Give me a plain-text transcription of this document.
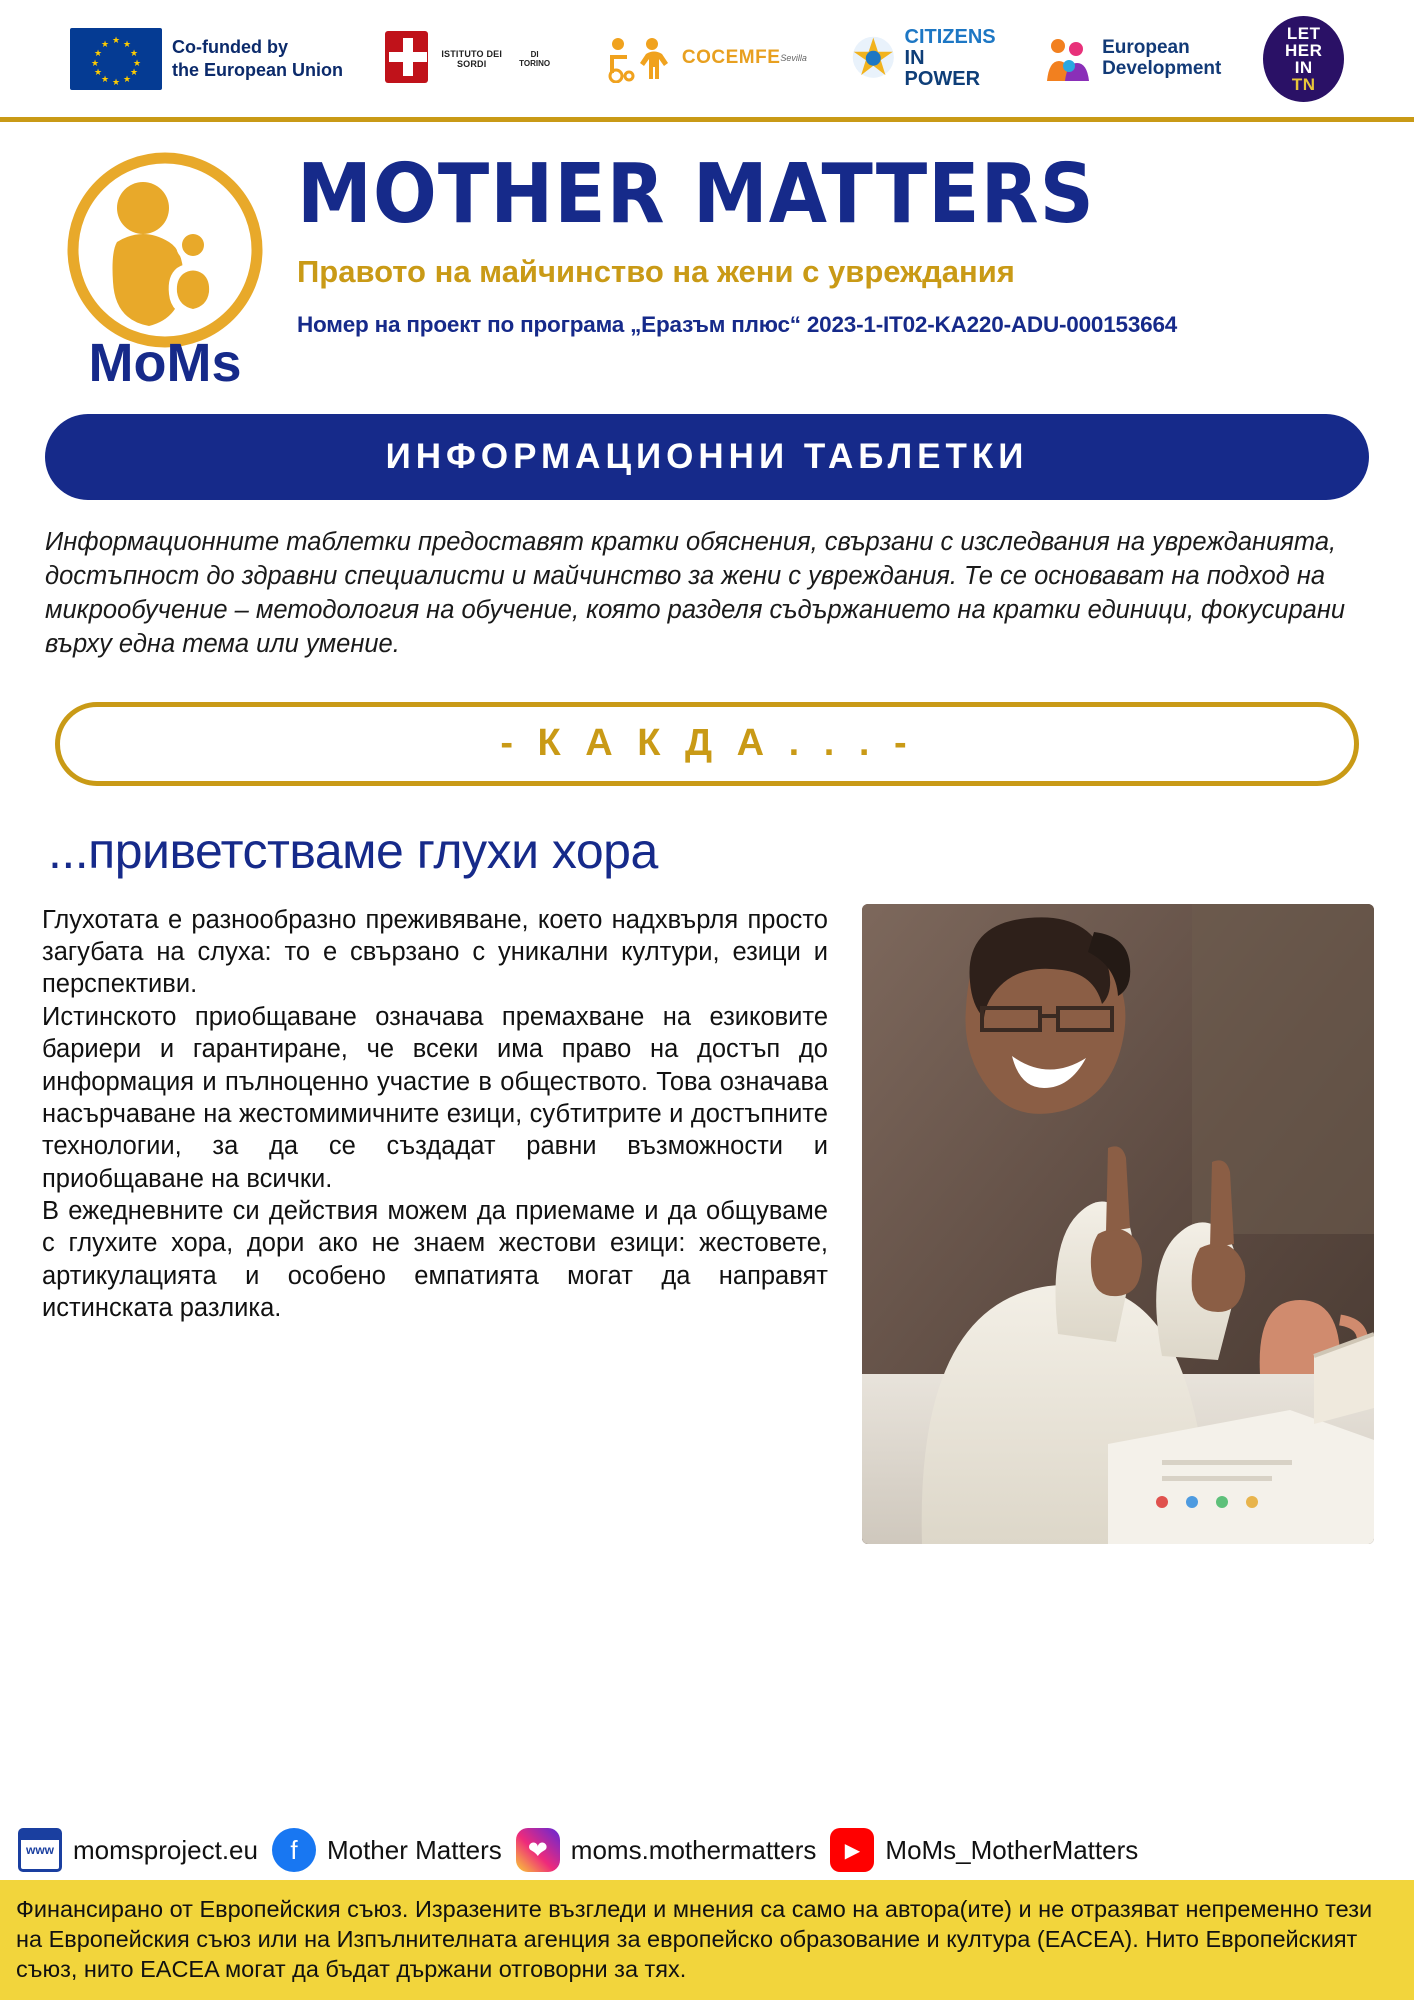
★ ★
★
★
★
★
★
★
★
★
★
★	Co-funded by
the European Union
ISTITUTO DEI SORDI
DI TORINO	COCEMFE Sevilla
CITIZENS
IN POWER
European
Development
LET
HER
IN
TN
MoMs
MOTHER MATTERS
Правото на майчинство на жени с увреждания
Номер на проект по програма „Еразъм плюс“ 2023-1-IT02-KA220-ADU-000153664
ИНФОРМАЦИОННИ ТАБЛЕТКИ
Информационните таблетки предоставят кратки обяснения, свързани с изследвания на уврежданията, достъпност до здравни специалисти и майчинство за жени с увреждания. Те се основават на подход на микрообучение – методология на обучение, която разделя съдържанието на кратки единици, фокусирани върху една тема или умение.
- К А К Д А . . . -
...приветстваме глухи хора

Глухотата е разнообразно преживяване, което надхвърля просто загубата на слуха: то е свързано с уникални култури, езици и перспективи.

Истинското приобщаване означава премахване на езиковите бариери и гарантиране, че всеки има право на достъп до информация и пълноценно участие в обществото. Това означава насърчаване на жестомимичните езици, субтитрите и достъпните технологии, за да се създадат равни възможности и приобщаване на всички.

В ежедневните си действия можем да приемаме и да общуваме с глухите хора, дори ако не знаем жестови езици: жестовете, артикулацията и особено емпатията могат да направят истинската разлика.

www momsproject.eu	f	Mother Matters	❤ moms.mothermatters	▶ MoMs_MotherMatters
Финансирано от Европейския съюз. Изразените възгледи и мнения са само на автора(ите) и не отразяват непременно тези на Европейския съюз или на Изпълнителната агенция за европейско образование и култура (EACEA). Нито Европейският съюз, нито EACEA могат да бъдат държани отговорни за тях.
